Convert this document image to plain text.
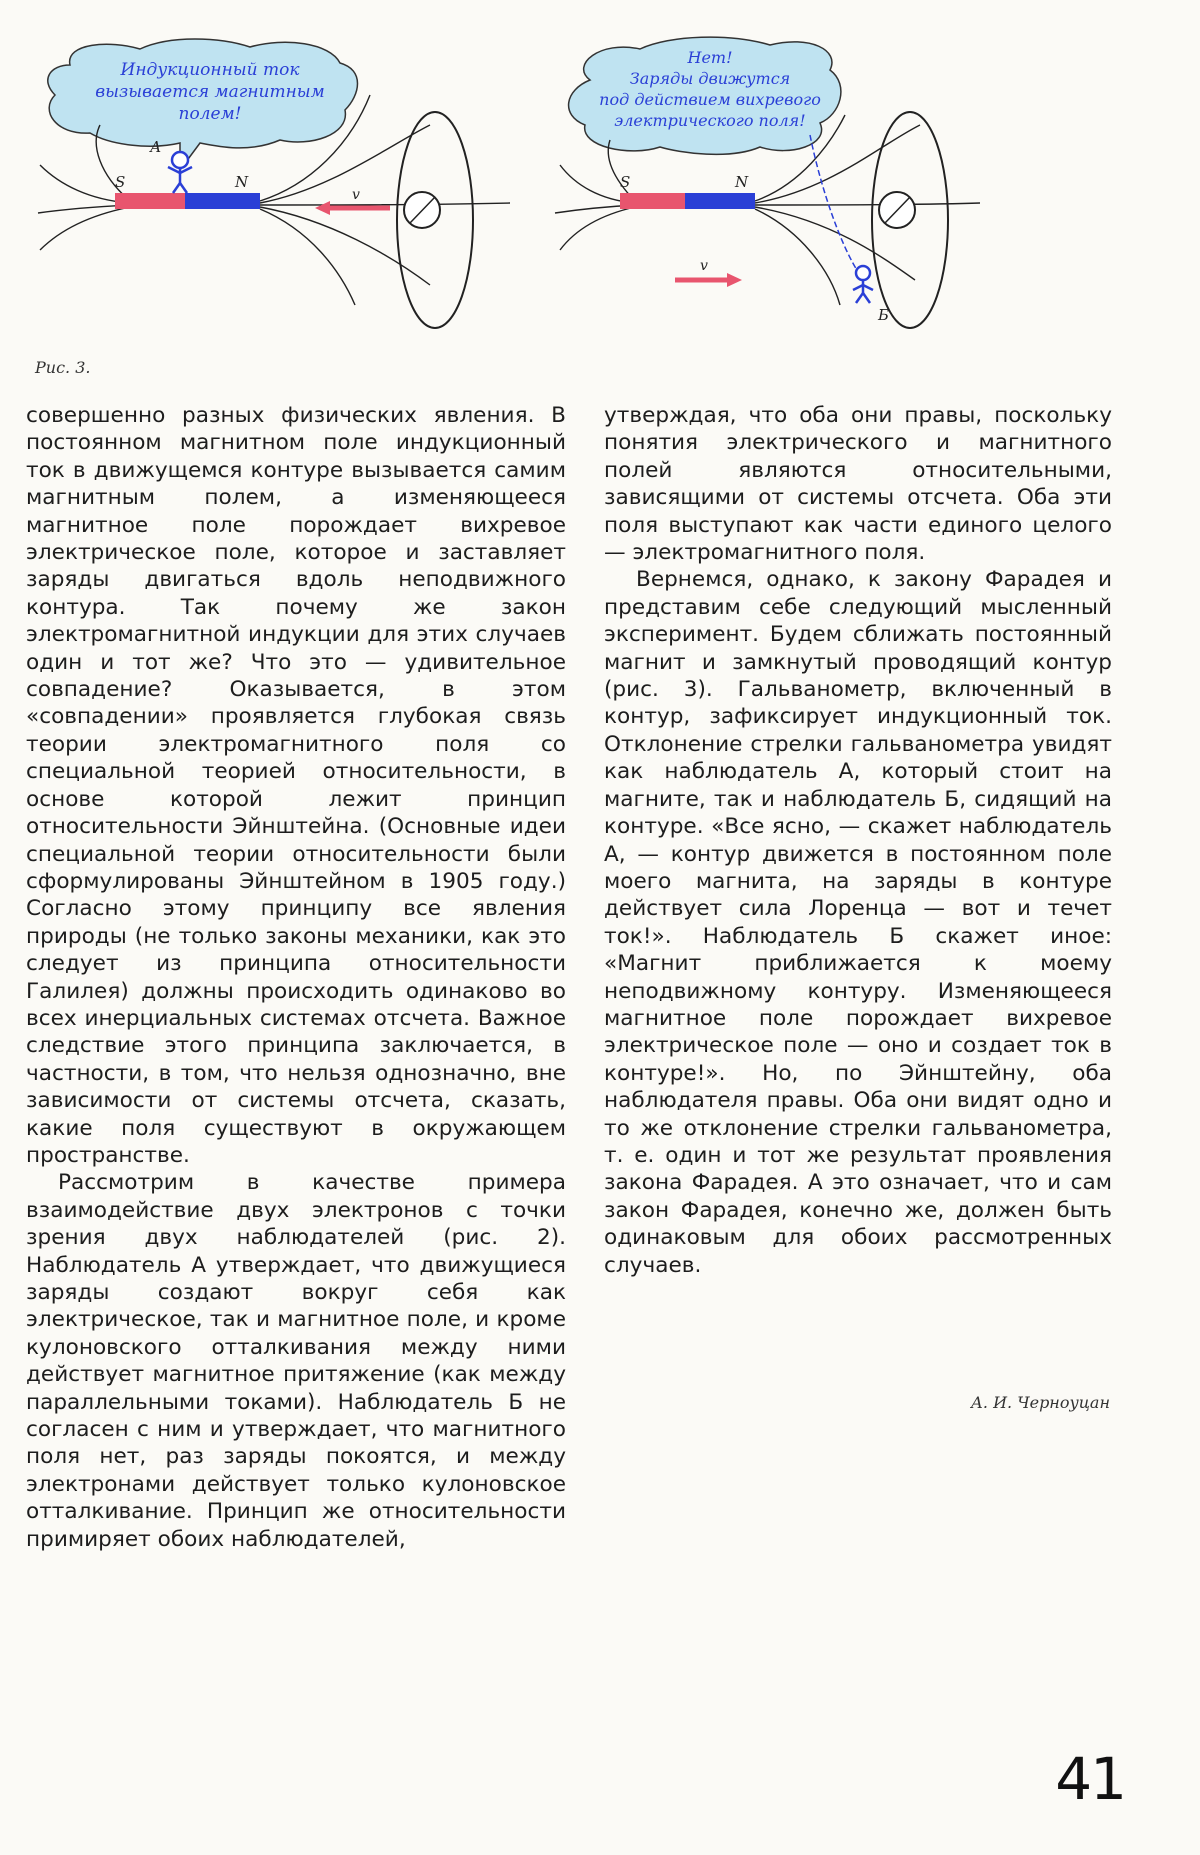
А
S	N
v
S	N
v
Б
Индукционный ток
вызывается магнитным
полем!
Нет!
Заряды движутся
под действием вихревого
электрического поля!
Рис. 3.

совершенно разных физических явления. В постоянном магнитном поле индукционный ток в движущемся контуре вызывается самим магнитным полем, а изменяющееся магнитное поле порождает вихревое электрическое поле, которое и заставляет заряды двигаться вдоль неподвижного контура. Так почему же закон электромагнитной индукции для этих случаев один и тот же? Что это — удивительное совпадение? Оказывается, в этом «совпадении» проявляется глубокая связь теории электромагнитного поля со специальной теорией относительности, в основе которой лежит принцип относительности Эйнштейна. (Основные идеи специальной теории относительности были сформулированы Эйнштейном в 1905 году.) Согласно этому принципу все явления природы (не только законы механики, как это следует из принципа относительности Галилея) должны происходить одинаково во всех инерциальных системах отсчета. Важное следствие этого принципа заключается, в частности, в том, что нельзя однозначно, вне зависимости от системы отсчета, сказать, какие поля существуют в окружающем пространстве.

Рассмотрим в качестве примера взаимодействие двух электронов с точки зрения двух наблюдателей (рис. 2). Наблюдатель А утверждает, что движущиеся заряды создают вокруг себя как электрическое, так и магнитное поле, и кроме кулоновского отталкивания между ними действует магнитное притяжение (как между параллельными токами). Наблюдатель Б не согласен с ним и утверждает, что магнитного поля нет, раз заряды покоятся, и между электронами действует только кулоновское отталкивание. Принцип же относительности примиряет обоих наблюдателей,

утверждая, что оба они правы, поскольку понятия электрического и магнитного полей являются относительными, зависящими от системы отсчета. Оба эти поля выступают как части единого целого — электромагнитного поля.

Вернемся, однако, к закону Фарадея и представим себе следующий мысленный эксперимент. Будем сближать постоянный магнит и замкнутый проводящий контур (рис. 3). Гальванометр, включенный в контур, зафиксирует индукционный ток. Отклонение стрелки гальванометра увидят как наблюдатель А, который стоит на магните, так и наблюдатель Б, сидящий на контуре. «Все ясно, — скажет наблюдатель А, — контур движется в постоянном поле моего магнита, на заряды в контуре действует сила Лоренца — вот и течет ток!». Наблюдатель Б скажет иное: «Магнит приближается к моему неподвижному контуру. Изменяющееся магнитное поле порождает вихревое электрическое поле — оно и создает ток в контуре!». Но, по Эйнштейну, оба наблюдателя правы. Оба они видят одно и то же отклонение стрелки гальванометра, т. е. один и тот же результат проявления закона Фарадея. А это означает, что и сам закон Фарадея, конечно же, должен быть одинаковым для обоих рассмотренных случаев.

А. И. Черноуцан
41
